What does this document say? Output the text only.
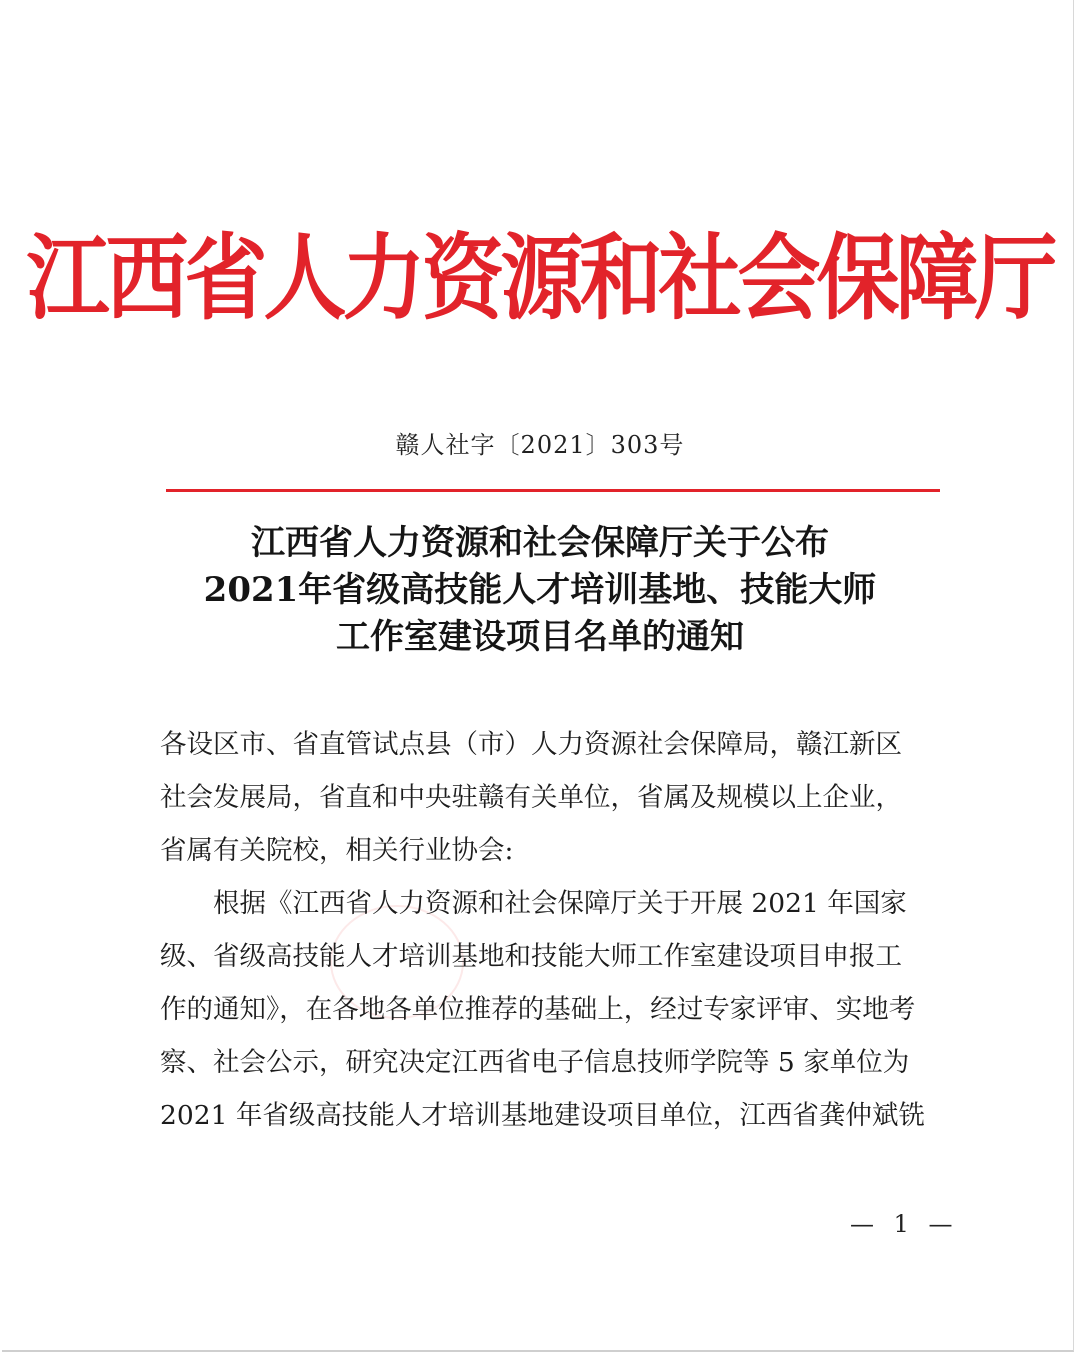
江西省人力资源和社会保障厅
赣人社字〔2021〕303号
江西省人力资源和社会保障厅关于公布
2021年省级高技能人才培训基地、技能大师
工作室建设项目名单的通知
各设区市、省直管试点县（市）人力资源社会保障局，赣江新区
社会发展局，省直和中央驻赣有关单位，省属及规模以上企业，
省属有关院校，相关行业协会:
根据《江西省人力资源和社会保障厅关于开展 2021 年国家
级、省级高技能人才培训基地和技能大师工作室建设项目申报工
作的通知》，在各地各单位推荐的基础上，经过专家评审、实地考
察、社会公示，研究决定江西省电子信息技师学院等 5 家单位为
2021 年省级高技能人才培训基地建设项目单位，江西省龚仲斌铣
— 1 —
